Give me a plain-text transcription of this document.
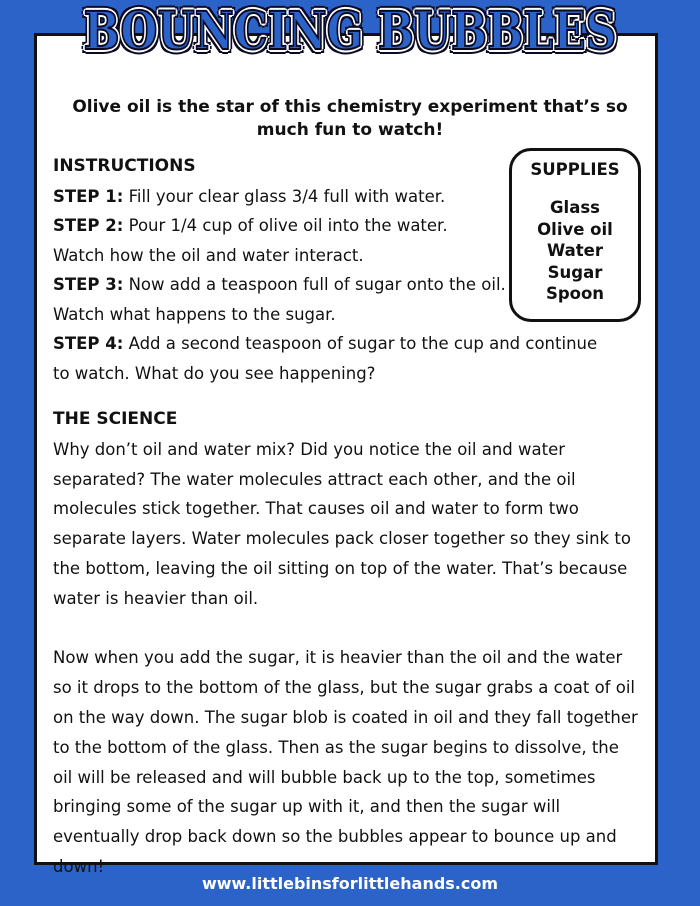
BOUNCING BUBBLES
Olive oil is the star of this chemistry experiment that’s so much fun to watch!
INSTRUCTIONS
STEP 1: Fill your clear glass 3/4 full with water.
STEP 2: Pour 1/4 cup of olive oil into the water.
Watch how the oil and water interact.
STEP 3: Now add a teaspoon full of sugar onto the oil.
Watch what happens to the sugar.
STEP 4: Add a second teaspoon of sugar to the cup and continue to watch. What do you see happening?
SUPPLIES
Glass
Olive oil
Water
Sugar
Spoon
THE SCIENCE

Why don’t oil and water mix? Did you notice the oil and water separated? The water molecules attract each other, and the oil molecules stick together. That causes oil and water to form two separate layers. Water molecules pack closer together so they sink to the bottom, leaving the oil sitting on top of the water. That’s because water is heavier than oil.

Now when you add the sugar, it is heavier than the oil and the water so it drops to the bottom of the glass, but the sugar grabs a coat of oil on the way down. The sugar blob is coated in oil and they fall together to the bottom of the glass. Then as the sugar begins to dissolve, the oil will be released and will bubble back up to the top, sometimes bringing some of the sugar up with it, and then the sugar will eventually drop back down so the bubbles appear to bounce up and down!

www.littlebinsforlittlehands.com
